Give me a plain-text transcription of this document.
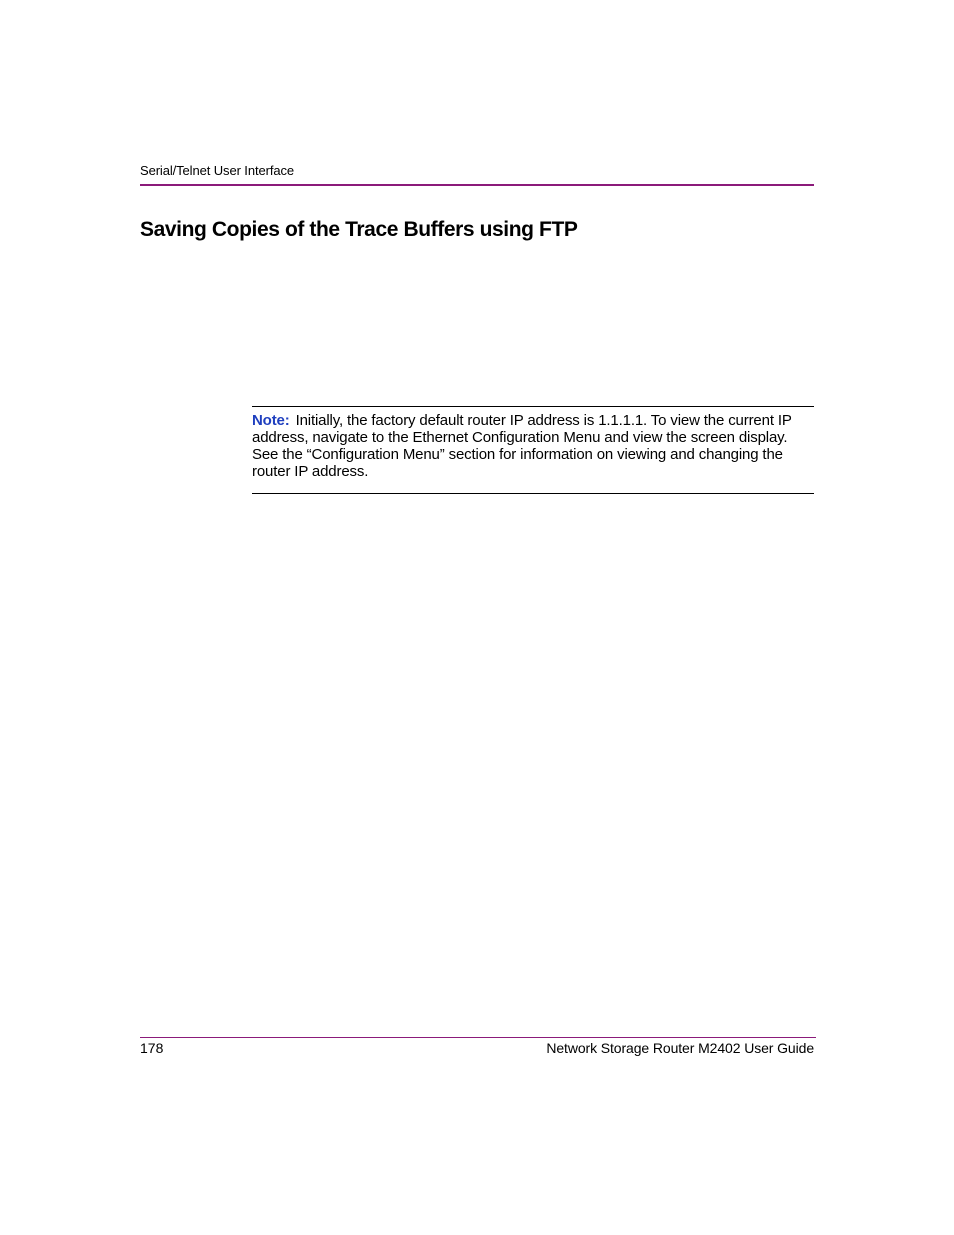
Serial/Telnet User Interface
Saving Copies of the Trace Buffers using FTP
Note: Initially, the factory default router IP address is 1.1.1.1. To view the current IP address, navigate to the Ethernet Configuration Menu and view the screen display. See the “Configuration Menu” section for information on viewing and changing the router IP address.
178	Network Storage Router M2402 User Guide
